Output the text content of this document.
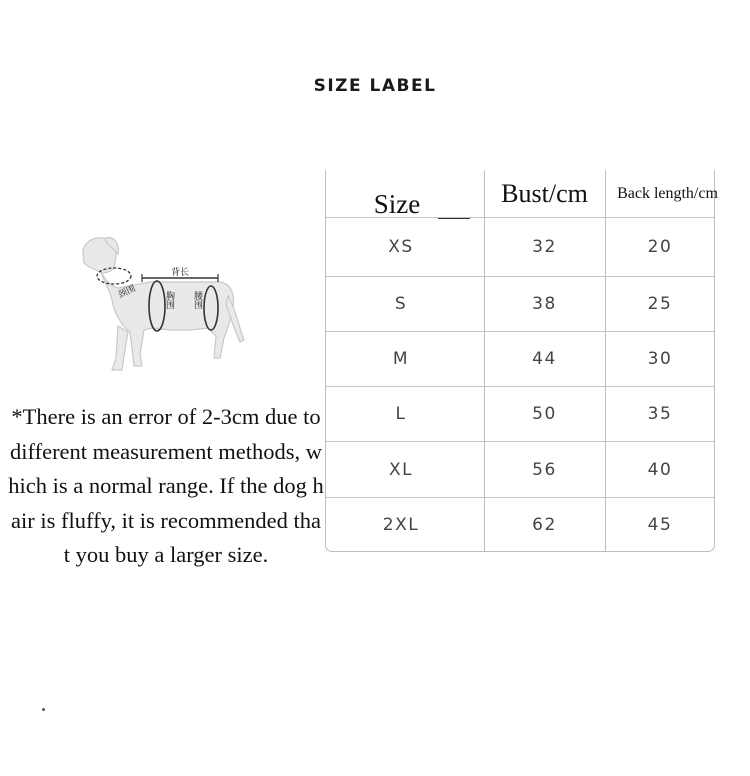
SIZE LABEL
背长
颈围	胸围 腰围
*There is an error of 2-3cm due to different measurement methods, which is a normal range. If the dog hair is fluffy, it is recommended that you buy a larger size.
Size	Bust/cm	Back length/cm
XS	32	20
S	38	25
M	44	30
L	50	35
XL	56	40
2XL	62	45
